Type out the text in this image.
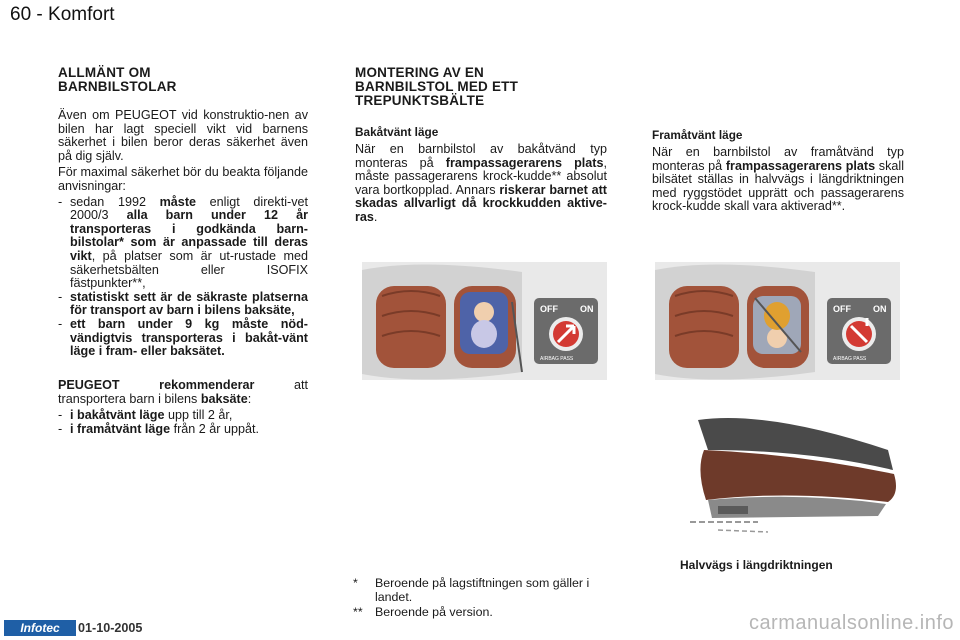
60 - Komfort

ALLMÄNT OM
BARNBILSTOLAR

Även om PEUGEOT vid konstruktio-nen av bilen har lagt speciell vikt vid barnens säkerhet i bilen beror deras säkerhet även på dig själv.

För maximal säkerhet bör du beakta följande anvisningar:

- sedan 1992 måste enligt direkti-vet 2000/3 alla barn under 12 år transporteras i godkända barn-bilstolar* som är anpassade till deras vikt, på platser som är ut-rustade med säkerhetsbälten eller ISOFIX fästpunkter**,
- statistiskt sett är de säkraste platserna för transport av barn i bilens baksäte,
- ett barn under 9 kg måste nöd-vändigtvis transporteras i bakåt-vänt läge i fram- eller baksätet.

PEUGEOT rekommenderar att

transportera barn i bilens baksäte:

- i bakåtvänt läge upp till 2 år,
- i framåtvänt läge från 2 år uppåt.

MONTERING AV EN
BARNBILSTOL MED ETT
TREPUNKTSBÄLTE

Bakåtvänt läge

När en barnbilstol av bakåtvänd typ monteras på frampassagerarens plats, måste passagerarens krock-kudde** absolut vara bortkopplad. Annars riskerar barnet att skadas allvarligt då krockkudden aktive-ras.

OFF ON
AIRBAG PASS
* Beroende på lagstiftningen som gäller i landet.
** Beroende på version.

Framåtvänt läge

När en barnbilstol av framåtvänd typ monteras på frampassagerarens plats skall bilsätet ställas in halvvägs i längdriktningen med ryggstödet upprätt och passagerarens krock-kudde skall vara aktiverad**.

OFF ON
AIRBAG PASS
Halvvägs i längdriktningen
Infotec	01-10-2005	carmanualsonline.info
